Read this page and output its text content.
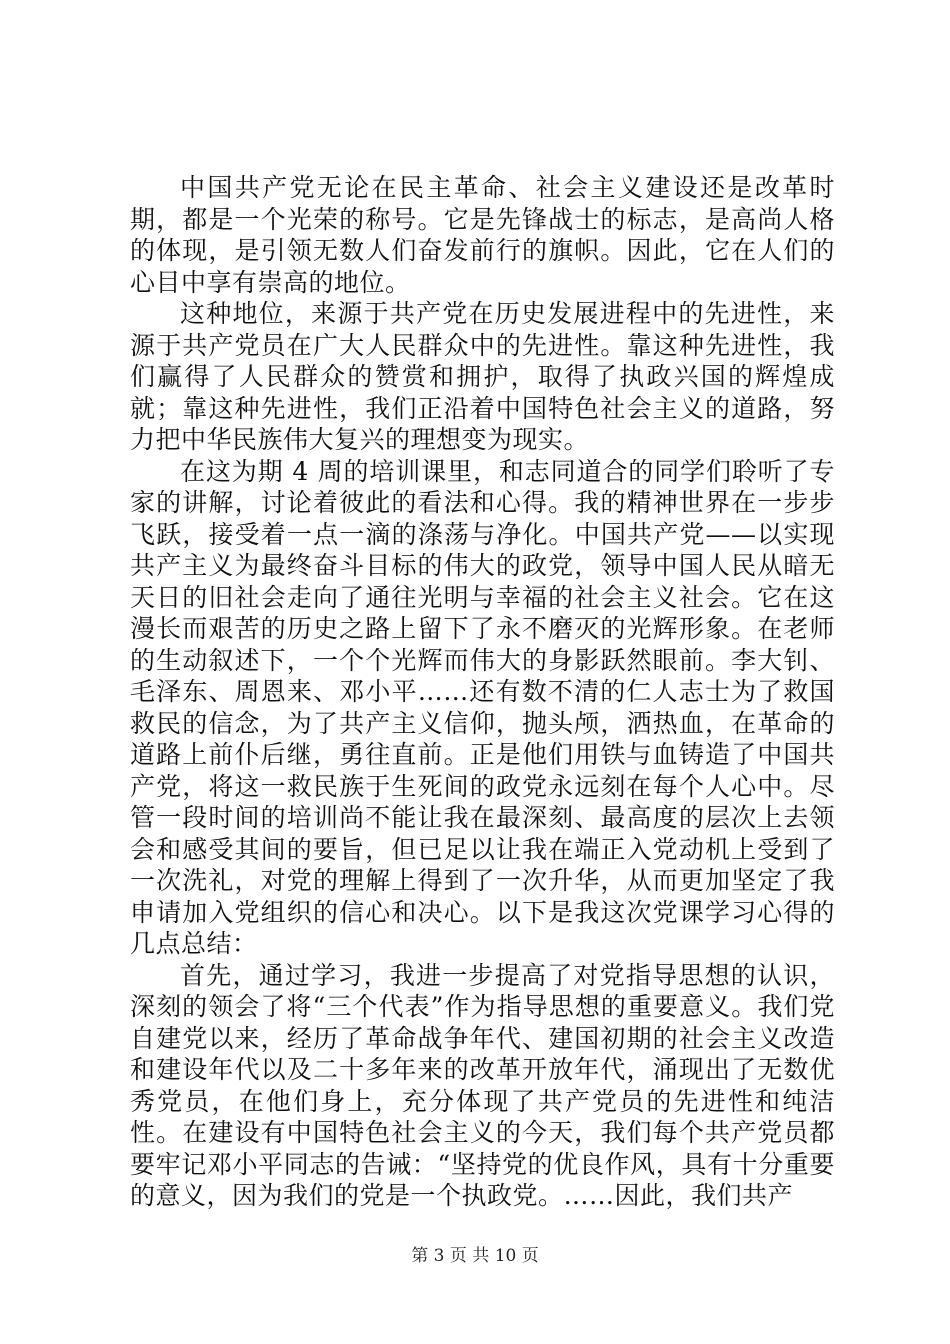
中国共产党无论在民主革命、社会主义建设还是改革时期，都是一个光荣的称号。它是先锋战士的标志，是高尚人格的体现，是引领无数人们奋发前行的旗帜。因此，它在人们的心目中享有崇高的地位。

这种地位，来源于共产党在历史发展进程中的先进性，来源于共产党员在广大人民群众中的先进性。靠这种先进性，我们赢得了人民群众的赞赏和拥护，取得了执政兴国的辉煌成就；靠这种先进性，我们正沿着中国特色社会主义的道路，努力把中华民族伟大复兴的理想变为现实。

在这为期 4 周的培训课里，和志同道合的同学们聆听了专家的讲解，讨论着彼此的看法和心得。我的精神世界在一步步飞跃，接受着一点一滴的涤荡与净化。中国共产党——以实现共产主义为最终奋斗目标的伟大的政党，领导中国人民从暗无天日的旧社会走向了通往光明与幸福的社会主义社会。它在这漫长而艰苦的历史之路上留下了永不磨灭的光辉形象。在老师的生动叙述下，一个个光辉而伟大的身影跃然眼前。李大钊、毛泽东、周恩来、邓小平……还有数不清的仁人志士为了救国救民的信念，为了共产主义信仰，抛头颅，洒热血，在革命的道路上前仆后继，勇往直前。正是他们用铁与血铸造了中国共产党，将这一救民族于生死间的政党永远刻在每个人心中。尽管一段时间的培训尚不能让我在最深刻、最高度的层次上去领会和感受其间的要旨，但已足以让我在端正入党动机上受到了一次洗礼，对党的理解上得到了一次升华，从而更加坚定了我申请加入党组织的信心和决心。以下是我这次党课学习心得的几点总结：

首先，通过学习，我进一步提高了对党指导思想的认识，深刻的领会了将“三个代表”作为指导思想的重要意义。我们党自建党以来，经历了革命战争年代、建国初期的社会主义改造和建设年代以及二十多年来的改革开放年代，涌现出了无数优秀党员，在他们身上，充分体现了共产党员的先进性和纯洁性。在建设有中国特色社会主义的今天，我们每个共产党员都要牢记邓小平同志的告诫：“坚持党的优良作风，具有十分重要的意义，因为我们的党是一个执政党。……因此，我们共产

第 3 页 共 10 页
